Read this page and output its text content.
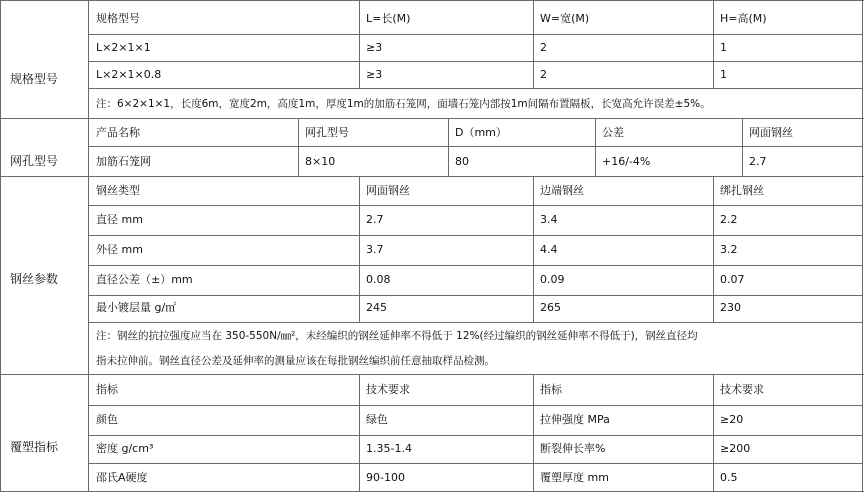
规格型号
规格型号	L=长(M)	W=宽(M)	H=高(M)
L×2×1×1	≥3	2	1
L×2×1×0.8	≥3	2	1
注：6×2×1×1，长度6m，宽度2m，高度1m，厚度1m的加筋石笼网，面墙石笼内部按1m间隔布置隔板，长宽高允许误差±5%。
网孔型号
产品名称	网孔型号	D（mm）	公差	网面钢丝
加筋石笼网	8×10	80	+16/-4%	2.7
钢丝参数
钢丝类型	网面钢丝	边端钢丝	绑扎钢丝
直径 mm	2.7	3.4	2.2
外径 mm	3.7	4.4	3.2
直径公差（±）mm	0.08	0.09	0.07
最小镀层量 g/㎡	245	265	230
注：钢丝的抗拉强度应当在 350-550N/㎜²，未经编织的钢丝延伸率不得低于 12%(经过编织的钢丝延伸率不得低于)，钢丝直径均
指未拉伸前。钢丝直径公差及延伸率的测量应该在每批钢丝编织前任意抽取样品检测。
覆塑指标
指标	技术要求	指标	技术要求
颜色	绿色	拉伸强度 MPa	≥20
密度 g/cm³	1.35-1.4	断裂伸长率%	≥200
邵氏A硬度	90-100	覆塑厚度 mm	0.5
